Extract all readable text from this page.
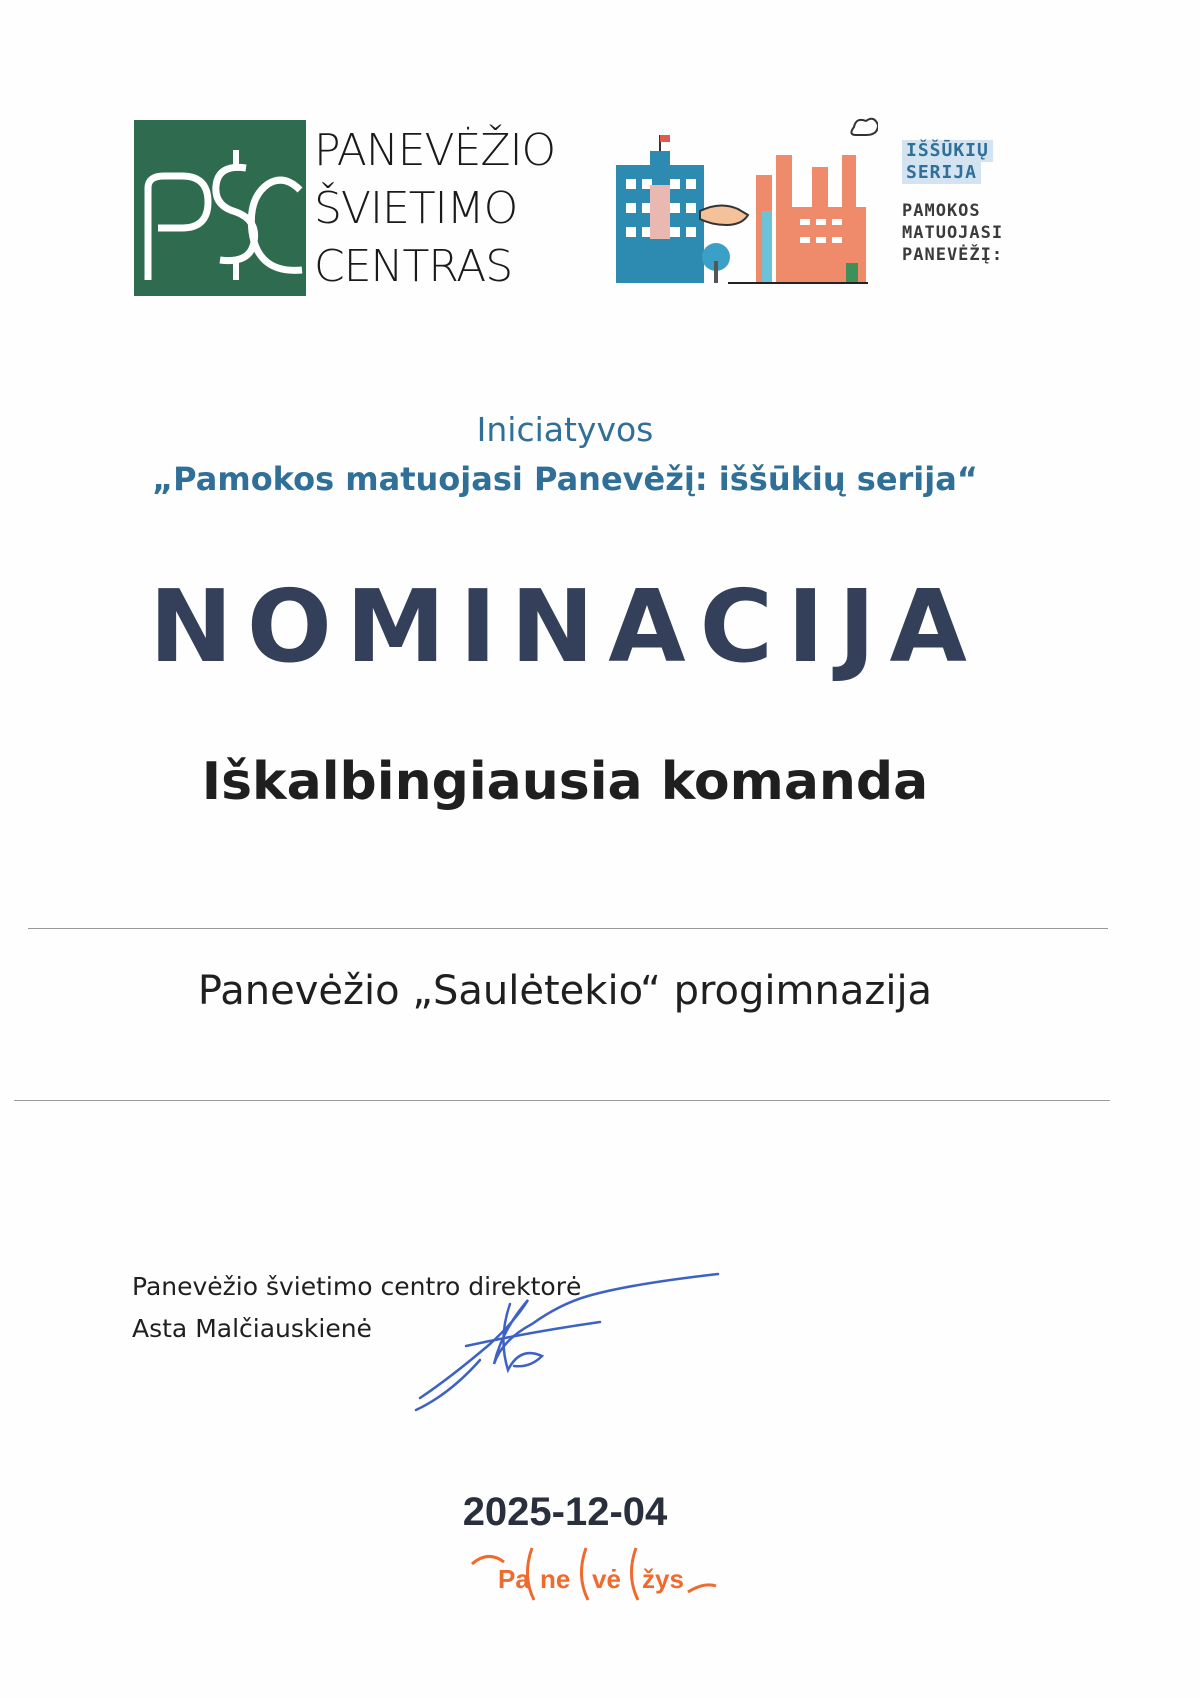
PANEVĖŽIO
ŠVIETIMO
CENTRAS
IŠŠŪKIŲ
SERIJA
PAMOKOS
MATUOJASI
PANEVĖŽĮ:
Iniciatyvos
„Pamokos matuojasi Panevėžį: iššūkių serija“
NOMINACIJA
Iškalbingiausia komanda
Panevėžio „Saulėtekio“ progimnazija
Panevėžio švietimo centro direktorė
Asta Malčiauskienė
2025-12-04
Pa ne vė žys
